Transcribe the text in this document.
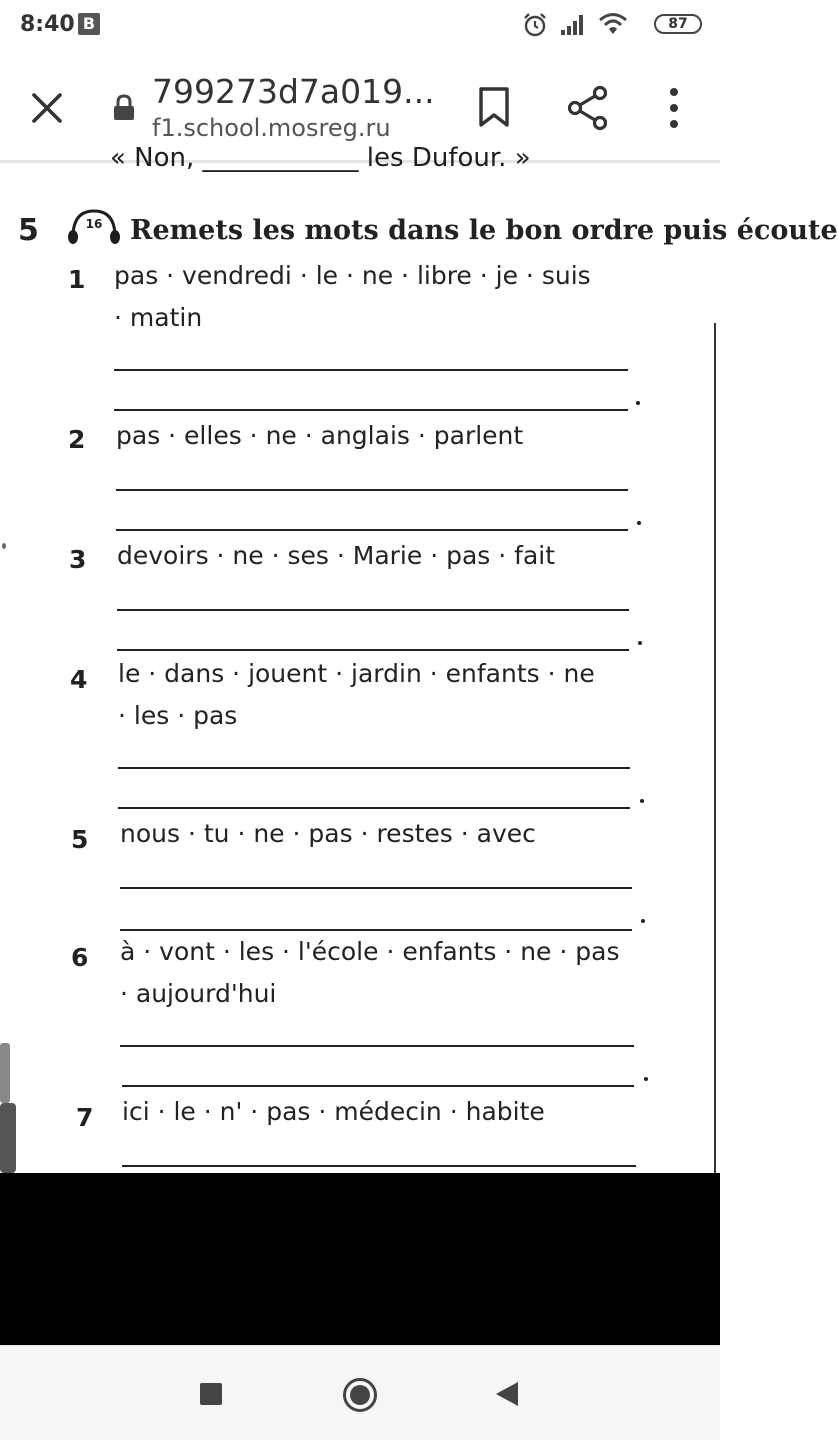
8:40 B	87
799273d7a019...
f1.school.mosreg.ru
« Non, ____________ les Dufour. »
5	16 Remets les mots dans le bon ordre puis écoute
1 pas · vendredi · le · ne · libre · je · suis
· matin
2 pas · elles · ne · anglais · parlent
3 devoirs · ne · ses · Marie · pas · fait
4 le · dans · jouent · jardin · enfants · ne
· les · pas
5 nous · tu · ne · pas · restes · avec
6 à · vont · les · l'école · enfants · ne · pas
· aujourd'hui
7 ici · le · n' · pas · médecin · habite
